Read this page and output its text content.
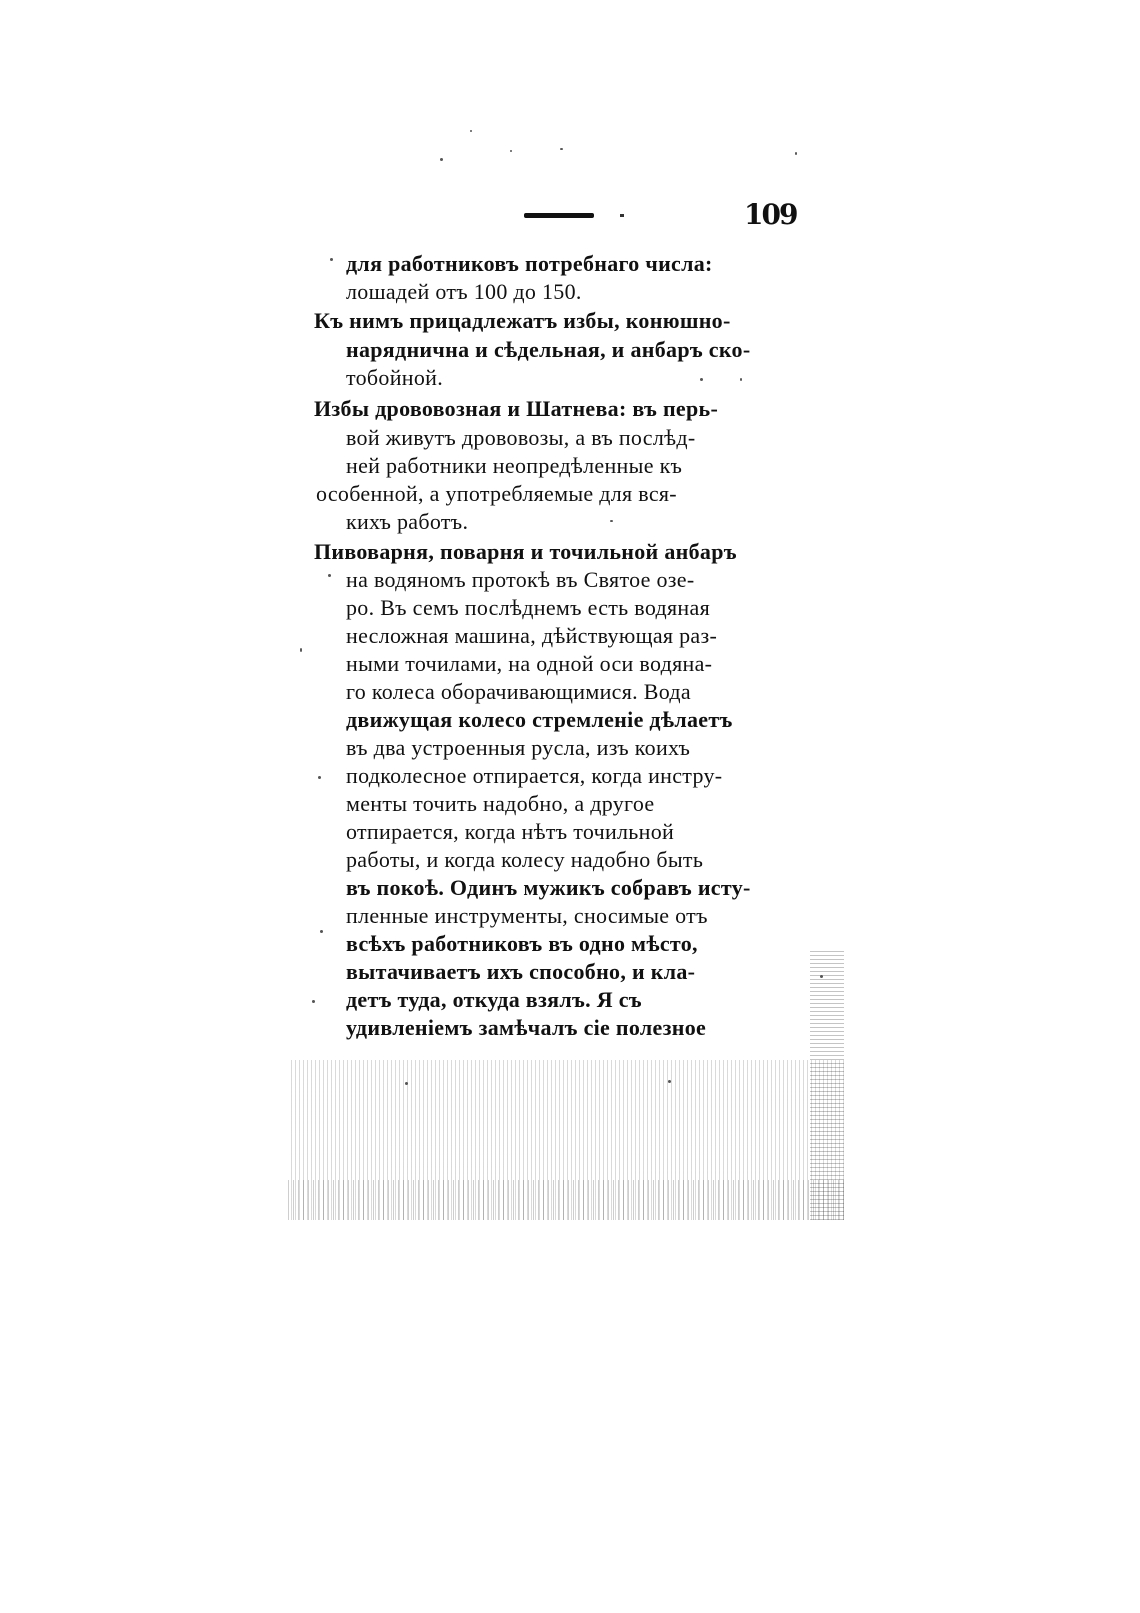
109
для работниковъ потребнаго числа:
лошадей отъ 100 до 150.
Къ нимъ прицадлежатъ избы, конюшно-
наряднична и сѣдельная, и анбаръ ско-
тобойной.
Избы дрововозная и Шатнева: въ перь-
вой живутъ дрововозы, а въ послѣд-
ней работники неопредѣленные къ
особенной, а употребляемые для вся-
кихъ работъ.
Пивоварня, поварня и точильной анбаръ
на водяномъ протокѣ въ Святое озе-
ро. Въ семъ послѣднемъ есть водяная
несложная машина, дѣйствующая раз-
ными точилами, на одной оси водяна-
го колеса оборачивающимися. Вода
движущая колесо стремленіе дѣлаетъ
въ два устроенныя русла, изъ коихъ
подколесное отпирается, когда инстру-
менты точить надобно, а другое
отпирается, когда нѣтъ точильной
работы, и когда колесу надобно быть
въ покоѣ. Одинъ мужикъ собравъ исту-
пленные инструменты, сносимые отъ
всѣхъ работниковъ въ одно мѣсто,
вытачиваетъ ихъ способно, и кла-
детъ туда, откуда взялъ. Я съ
удивленіемъ замѣчалъ сіе полезное
